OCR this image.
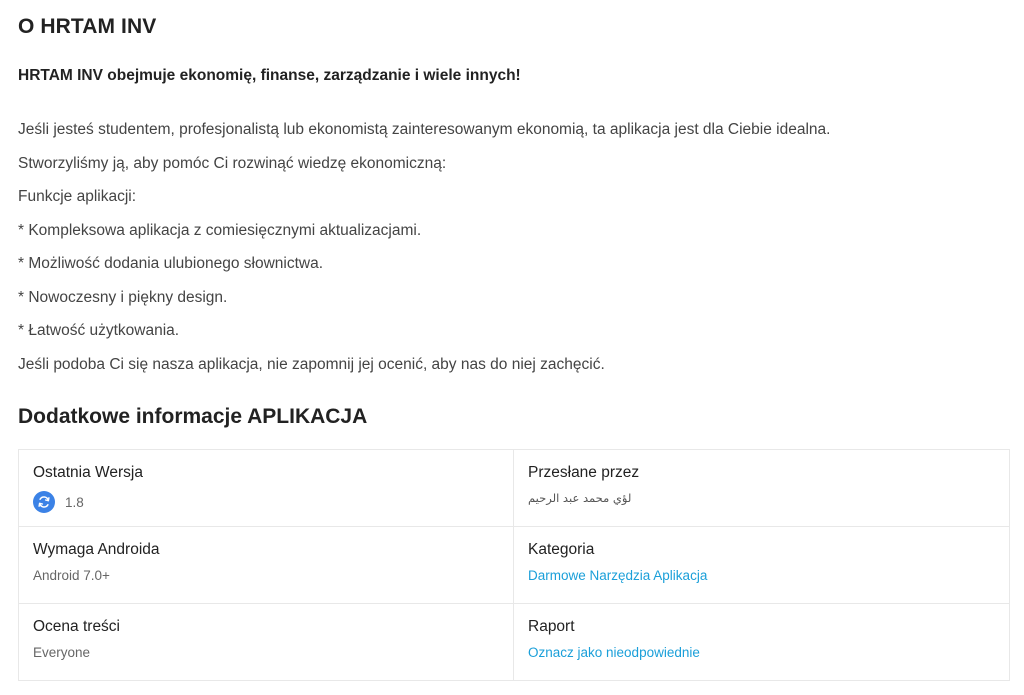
O HRTAM INV

HRTAM INV obejmuje ekonomię, finanse, zarządzanie i wiele innych!

Jeśli jesteś studentem, profesjonalistą lub ekonomistą zainteresowanym ekonomią, ta aplikacja jest dla Ciebie idealna.
Stworzyliśmy ją, aby pomóc Ci rozwinąć wiedzę ekonomiczną:
Funkcje aplikacji:
* Kompleksowa aplikacja z comiesięcznymi aktualizacjami.
* Możliwość dodania ulubionego słownictwa.
* Nowoczesny i piękny design.
* Łatwość użytkowania.
Jeśli podoba Ci się nasza aplikacja, nie zapomnij jej ocenić, aby nas do niej zachęcić.
Dodatkowe informacje APLIKACJA
Ostatnia Wersja
1.8
Przesłane przez
لؤي محمد عبد الرحيم
Wymaga Androida
Android 7.0+
Kategoria
Darmowe Narzędzia Aplikacja
Ocena treści
Everyone
Raport
Oznacz jako nieodpowiednie
